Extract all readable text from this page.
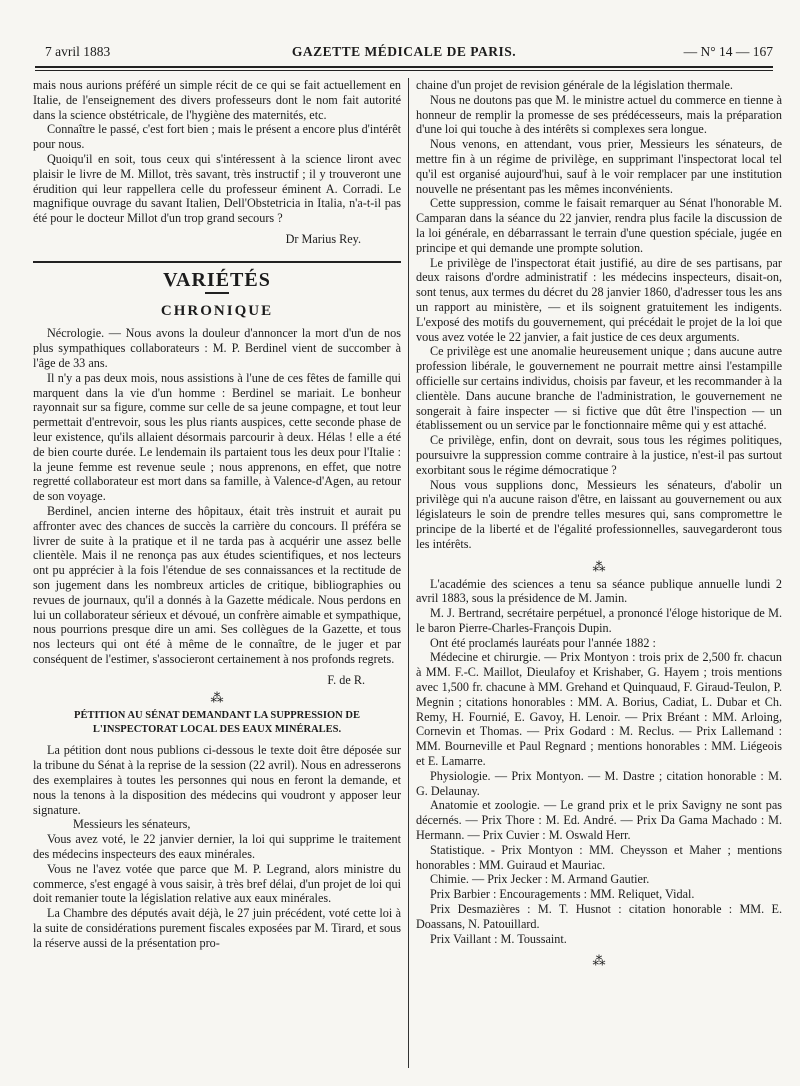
7 avril 1883	GAZETTE MÉDICALE DE PARIS.	— N° 14 — 167

mais nous aurions préféré un simple récit de ce qui se fait actuellement en Italie, de l'enseignement des divers professeurs dont le nom fait autorité dans la science obstétricale, de l'hygiène des maternités, etc.

Connaître le passé, c'est fort bien ; mais le présent a encore plus d'intérêt pour nous.

Quoiqu'il en soit, tous ceux qui s'intéressent à la science liront avec plaisir le livre de M. Millot, très savant, très instructif ; il y trouveront une érudition qui leur rappellera celle du professeur éminent A. Corradi. Le magnifique ouvrage du savant Italien, Dell'Obstetricia in Italia, n'a-t-il pas été pour le docteur Millot d'un trop grand secours ?

Dr Marius Rey.
VARIÉTÉS
CHRONIQUE

Nécrologie. — Nous avons la douleur d'annoncer la mort d'un de nos plus sympathiques collaborateurs : M. P. Berdinel vient de succomber à l'âge de 33 ans.

Il n'y a pas deux mois, nous assistions à l'une de ces fêtes de famille qui marquent dans la vie d'un homme : Berdinel se mariait. Le bonheur rayonnait sur sa figure, comme sur celle de sa jeune compagne, et tout leur permettait d'entrevoir, sous les plus riants auspices, cette seconde phase de leur existence, qu'ils allaient désormais parcourir à deux. Hélas ! elle a été de bien courte durée. Le lendemain ils partaient tous les deux pour l'Italie : la jeune femme est revenue seule ; nous apprenons, en effet, que notre regretté collaborateur est mort dans sa famille, à Valence-d'Agen, au retour de son voyage.

Berdinel, ancien interne des hôpitaux, était très instruit et aurait pu affronter avec des chances de succès la carrière du concours. Il préféra se livrer de suite à la pratique et il ne tarda pas à acquérir une assez belle clientèle. Mais il ne renonça pas aux études scientifiques, et nos lecteurs ont pu apprécier à la fois l'étendue de ses connaissances et la rectitude de son jugement dans les nombreux articles de critique, bibliographies ou revues de journaux, qu'il a donnés à la Gazette médicale. Nous perdons en lui un collaborateur sérieux et dévoué, un confrère aimable et sympathique, nous pourrions presque dire un ami. Ses collègues de la Gazette, et tous nos lecteurs qui ont été à même de le connaître, de le juger et par conséquent de l'estimer, s'associeront certainement à nos profonds regrets.

F. de R.
⁂
PÉTITION AU SÉNAT DEMANDANT LA SUPPRESSION DE L'INSPECTORAT LOCAL DES EAUX MINÉRALES.

La pétition dont nous publions ci-dessous le texte doit être déposée sur la tribune du Sénat à la reprise de la session (22 avril). Nous en adresserons des exemplaires à toutes les personnes qui nous en feront la demande, et nous la tenons à la disposition des médecins qui voudront y apposer leur signature.

Messieurs les sénateurs,

Vous avez voté, le 22 janvier dernier, la loi qui supprime le traitement des médecins inspecteurs des eaux minérales.

Vous ne l'avez votée que parce que M. P. Legrand, alors ministre du commerce, s'est engagé à vous saisir, à très bref délai, d'un projet de loi qui doit remanier toute la législation relative aux eaux minérales.

La Chambre des députés avait déjà, le 27 juin précédent, voté cette loi à la suite de considérations purement fiscales exposées par M. Tirard, et sous la réserve aussi de la présentation pro-

chaine d'un projet de revision générale de la législation thermale.

Nous ne doutons pas que M. le ministre actuel du commerce en tienne à honneur de remplir la promesse de ses prédécesseurs, mais la préparation d'une loi qui touche à des intérêts si complexes sera longue.

Nous venons, en attendant, vous prier, Messieurs les sénateurs, de mettre fin à un régime de privilège, en supprimant l'inspectorat local tel qu'il est organisé aujourd'hui, sauf à le voir remplacer par une institution nouvelle ne présentant pas les mêmes inconvénients.

Cette suppression, comme le faisait remarquer au Sénat l'honorable M. Camparan dans la séance du 22 janvier, rendra plus facile la discussion de la loi générale, en débarrassant le terrain d'une question spéciale, jugée en principe et qui demande une prompte solution.

Le privilège de l'inspectorat était justifié, au dire de ses partisans, par deux raisons d'ordre administratif : les médecins inspecteurs, disait-on, sont tenus, aux termes du décret du 28 janvier 1860, d'adresser tous les ans un rapport au ministère, — et ils soignent gratuitement les indigents. L'exposé des motifs du gouvernement, qui précédait le projet de la loi que vous avez votée le 22 janvier, a fait justice de ces deux arguments.

Ce privilège est une anomalie heureusement unique ; dans aucune autre profession libérale, le gouvernement ne pourrait mettre ainsi l'estampille officielle sur certains individus, choisis par faveur, et les recommander à la clientèle. Dans aucune branche de l'administration, le gouvernement ne songerait à faire inspecter — si fictive que dût être l'inspection — un établissement ou un service par le fonctionnaire même qui y est attaché.

Ce privilège, enfin, dont on devrait, sous tous les régimes politiques, poursuivre la suppression comme contraire à la justice, n'est-il pas surtout exorbitant sous le régime démocratique ?

Nous vous supplions donc, Messieurs les sénateurs, d'abolir un privilège qui n'a aucune raison d'être, en laissant au gouvernement ou aux législateurs le soin de prendre telles mesures qui, sans compromettre le principe de la liberté et de l'égalité professionnelles, sauvegarderont tous les intérêts.

⁂

L'académie des sciences a tenu sa séance publique annuelle lundi 2 avril 1883, sous la présidence de M. Jamin.

M. J. Bertrand, secrétaire perpétuel, a prononcé l'éloge historique de M. le baron Pierre-Charles-François Dupin.

Ont été proclamés lauréats pour l'année 1882 :

Médecine et chirurgie. — Prix Montyon : trois prix de 2,500 fr. chacun à MM. F.-C. Maillot, Dieulafoy et Krishaber, G. Hayem ; trois mentions avec 1,500 fr. chacune à MM. Grehand et Quinquaud, F. Giraud-Teulon, P. Megnin ; citations honorables : MM. A. Borius, Cadiat, L. Dubar et Ch. Remy, H. Fournié, E. Gavoy, H. Lenoir. — Prix Bréant : MM. Arloing, Cornevin et Thomas. — Prix Godard : M. Reclus. — Prix Lallemand : MM. Bourneville et Paul Regnard ; mentions honorables : MM. Liégeois et E. Lamarre.

Physiologie. — Prix Montyon. — M. Dastre ; citation honorable : M. G. Delaunay.

Anatomie et zoologie. — Le grand prix et le prix Savigny ne sont pas décernés. — Prix Thore : M. Ed. André. — Prix Da Gama Machado : M. Hermann. — Prix Cuvier : M. Oswald Herr.

Statistique. - Prix Montyon : MM. Cheysson et Maher ; mentions honorables : MM. Guiraud et Mauriac.

Chimie. — Prix Jecker : M. Armand Gautier.

Prix Barbier : Encouragements : MM. Reliquet, Vidal.

Prix Desmazières : M. T. Husnot : citation honorable : MM. E. Doassans, N. Patouillard.

Prix Vaillant : M. Toussaint.

⁂
